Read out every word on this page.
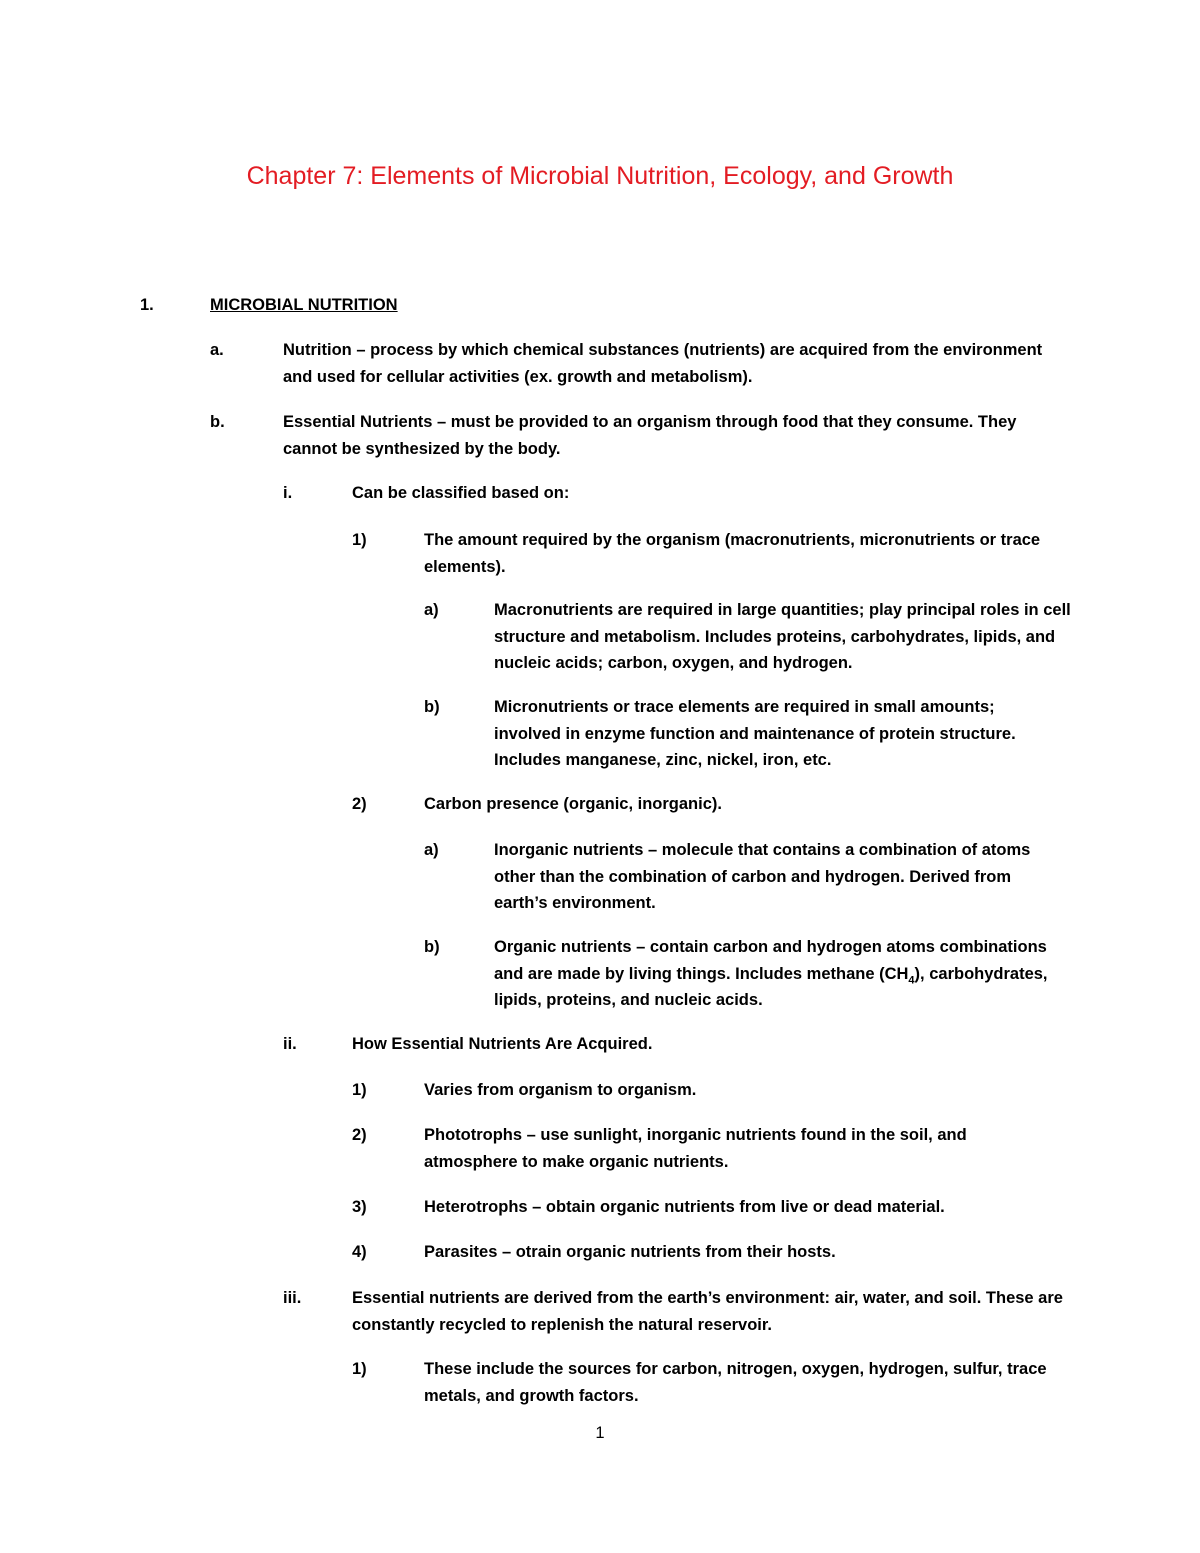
Chapter 7: Elements of Microbial Nutrition, Ecology, and Growth
1.	MICROBIAL NUTRITION
a.	Nutrition – process by which chemical substances (nutrients) are acquired from the environment and used for cellular activities (ex. growth and metabolism).
b.	Essential Nutrients – must be provided to an organism through food that they consume. They cannot be synthesized by the body.
i.	Can be classified based on:
1)	The amount required by the organism (macronutrients, micronutrients or trace elements).
a)	Macronutrients are required in large quantities; play principal roles in cell structure and metabolism. Includes proteins, carbohydrates, lipids, and nucleic acids; carbon, oxygen, and hydrogen.
b)	Micronutrients or trace elements are required in small amounts; involved in enzyme function and maintenance of protein structure. Includes manganese, zinc, nickel, iron, etc.
2)	Carbon presence (organic, inorganic).
a)	Inorganic nutrients – molecule that contains a combination of atoms other than the combination of carbon and hydrogen. Derived from earth’s environment.
b)	Organic nutrients – contain carbon and hydrogen atoms combinations and are made by living things. Includes methane $(CH_4)$, carbohydrates, lipids, proteins, and nucleic acids.
ii.	How Essential Nutrients Are Acquired.
1)	Varies from organism to organism.
2)	Phototrophs – use sunlight, inorganic nutrients found in the soil, and atmosphere to make organic nutrients.
3)	Heterotrophs – obtain organic nutrients from live or dead material.
4)	Parasites – otrain organic nutrients from their hosts.
iii.	Essential nutrients are derived from the earth’s environment: air, water, and soil. These are constantly recycled to replenish the natural reservoir.
1)	These include the sources for carbon, nitrogen, oxygen, hydrogen, sulfur, trace metals, and growth factors.
1
